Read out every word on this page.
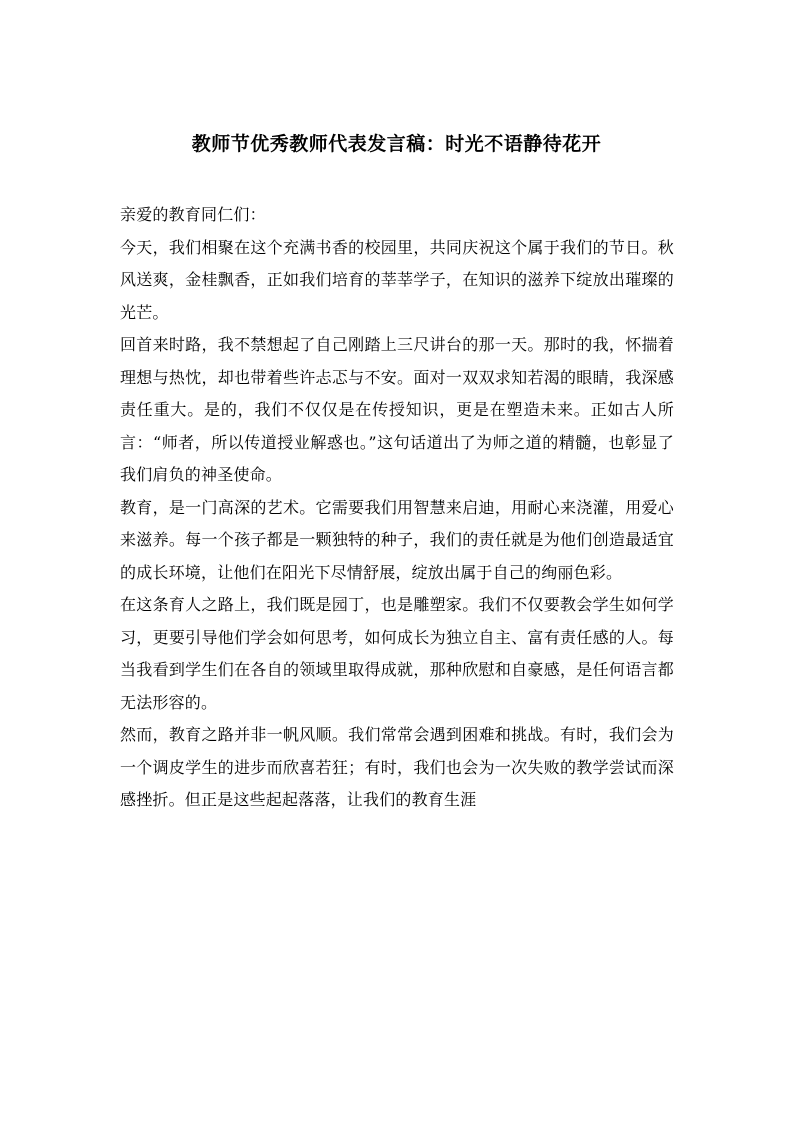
教师节优秀教师代表发言稿：时光不语静待花开

亲爱的教育同仁们：

今天，我们相聚在这个充满书香的校园里，共同庆祝这个属于我们的节日。秋风送爽，金桂飘香，正如我们培育的莘莘学子，在知识的滋养下绽放出璀璨的光芒。

回首来时路，我不禁想起了自己刚踏上三尺讲台的那一天。那时的我，怀揣着理想与热忱，却也带着些许忐忑与不安。面对一双双求知若渴的眼睛，我深感责任重大。是的，我们不仅仅是在传授知识，更是在塑造未来。正如古人所言：“师者，所以传道授业解惑也。”这句话道出了为师之道的精髓，也彰显了我们肩负的神圣使命。

教育，是一门高深的艺术。它需要我们用智慧来启迪，用耐心来浇灌，用爱心来滋养。每一个孩子都是一颗独特的种子，我们的责任就是为他们创造最适宜的成长环境，让他们在阳光下尽情舒展，绽放出属于自己的绚丽色彩。

在这条育人之路上，我们既是园丁，也是雕塑家。我们不仅要教会学生如何学习，更要引导他们学会如何思考，如何成长为独立自主、富有责任感的人。每当我看到学生们在各自的领域里取得成就，那种欣慰和自豪感，是任何语言都无法形容的。

然而，教育之路并非一帆风顺。我们常常会遇到困难和挑战。有时，我们会为一个调皮学生的进步而欣喜若狂；有时，我们也会为一次失败的教学尝试而深感挫折。但正是这些起起落落，让我们的教育生涯
